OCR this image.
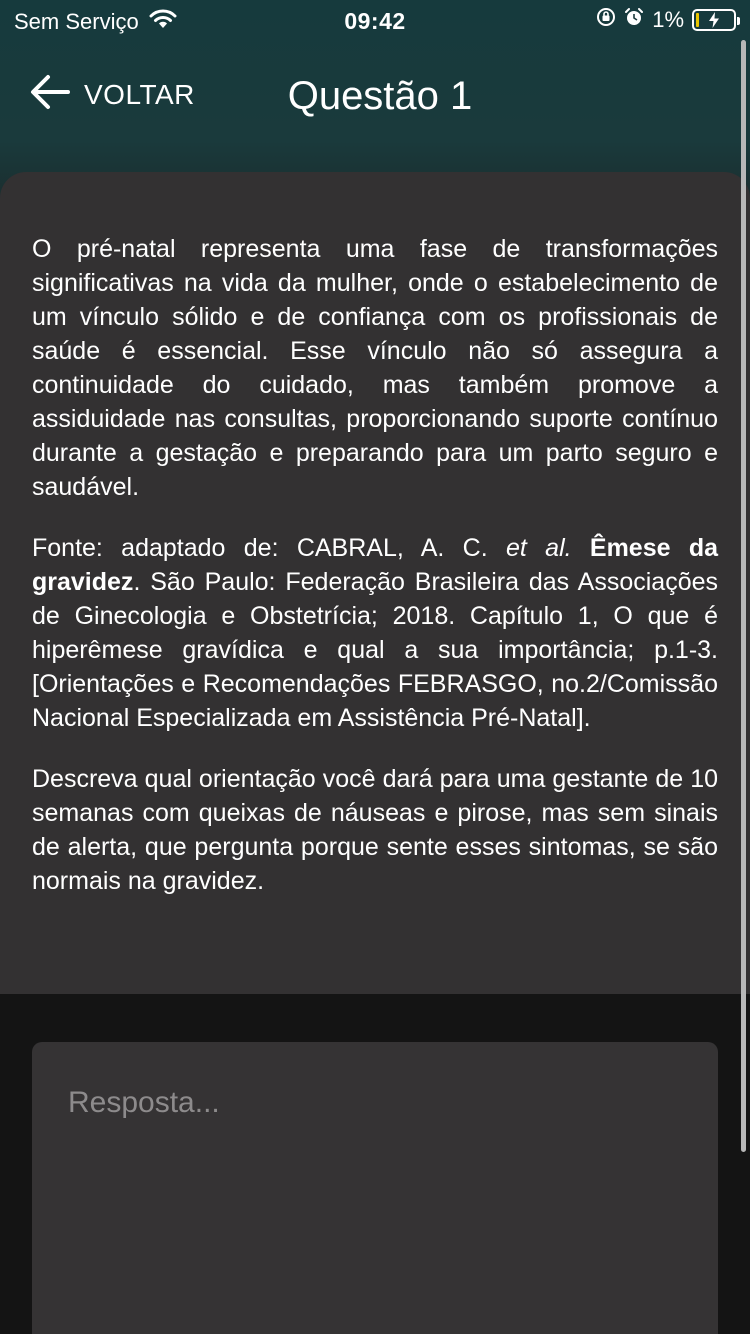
Sem Serviço	09:42	1%
VOLTAR	Questão 1

O pré-natal representa uma fase de transformações significativas na vida da mulher, onde o estabelecimento de um vínculo sólido e de confiança com os profissionais de saúde é essencial. Esse vínculo não só assegura a continuidade do cuidado, mas também promove a assiduidade nas consultas, proporcionando suporte contínuo durante a gestação e preparando para um parto seguro e saudável.

Fonte: adaptado de: CABRAL, A. C. et al. Êmese da gravidez. São Paulo: Federação Brasileira das Associações de Ginecologia e Obstetrícia; 2018. Capítulo 1, O que é hiperêmese gravídica e qual a sua importância; p.1-3. [Orientações e Recomendações FEBRASGO, no.2/Comissão Nacional Especializada em Assistência Pré-Natal].

Descreva qual orientação você dará para uma gestante de 10 semanas com queixas de náuseas e pirose, mas sem sinais de alerta, que pergunta porque sente esses sintomas, se são normais na gravidez.

Resposta...
